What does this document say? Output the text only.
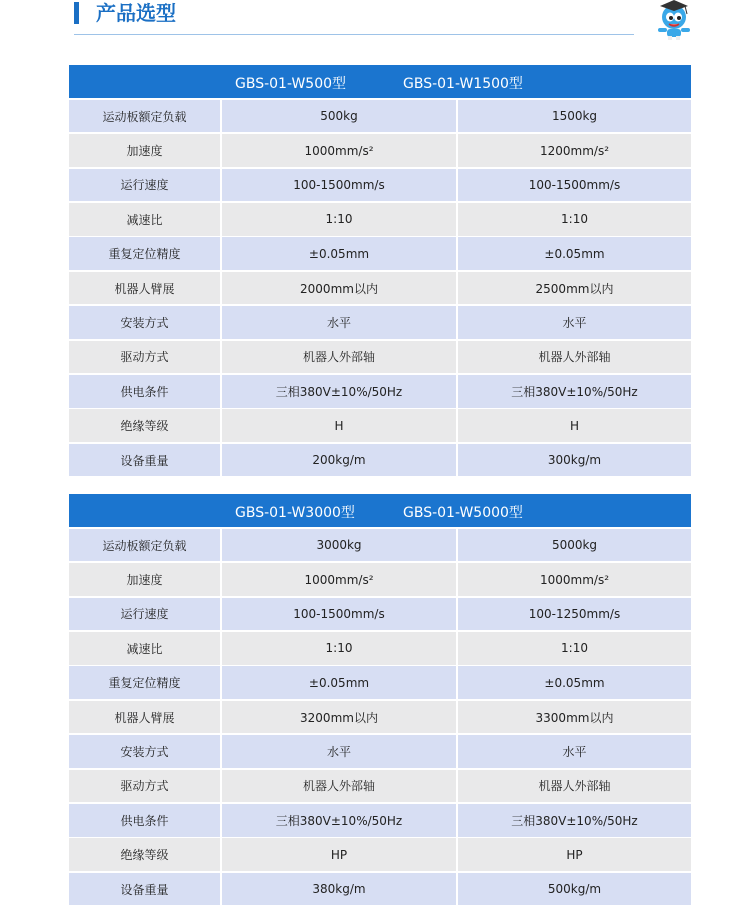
产品选型
GBS-01-W500型	GBS-01-W1500型
运动板额定负载	500kg	1500kg
加速度	1000mm/s²	1200mm/s²
运行速度	100-1500mm/s	100-1500mm/s
减速比	1:10	1:10
重复定位精度	±0.05mm	±0.05mm
机器人臂展	2000mm以内	2500mm以内
安装方式	水平	水平
驱动方式	机器人外部轴	机器人外部轴
供电条件	三相380V±10%/50Hz	三相380V±10%/50Hz
绝缘等级	H	H
设备重量	200kg/m	300kg/m
GBS-01-W3000型	GBS-01-W5000型
运动板额定负载	3000kg	5000kg
加速度	1000mm/s²	1000mm/s²
运行速度	100-1500mm/s	100-1250mm/s
减速比	1:10	1:10
重复定位精度	±0.05mm	±0.05mm
机器人臂展	3200mm以内	3300mm以内
安装方式	水平	水平
驱动方式	机器人外部轴	机器人外部轴
供电条件	三相380V±10%/50Hz	三相380V±10%/50Hz
绝缘等级	HP	HP
设备重量	380kg/m	500kg/m
